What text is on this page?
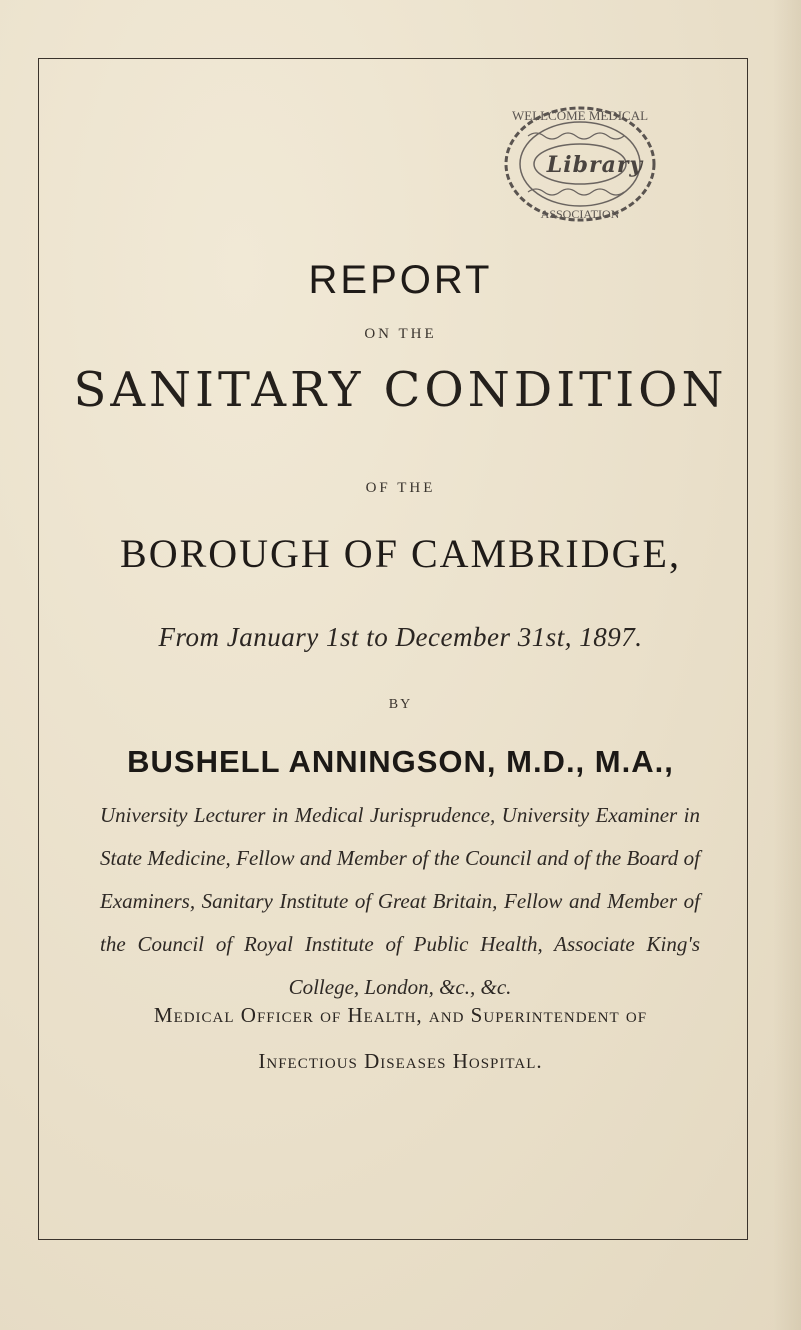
WELLCOME MEDICAL
ASSOCIATION
Library
REPORT
ON THE
SANITARY CONDITION
OF THE
BOROUGH OF CAMBRIDGE,
From January 1st to December 31st, 1897.
BY
BUSHELL ANNINGSON, M.D., M.A.,
University Lecturer in Medical Jurisprudence, University Examiner in
State Medicine, Fellow and Member of the Council and of the Board of
Examiners, Sanitary Institute of Great Britain, Fellow and Member of
the Council of Royal Institute of Public Health, Associate King's
College, London, &c., &c.
Medical Officer of Health, and Superintendent of
Infectious Diseases Hospital.
